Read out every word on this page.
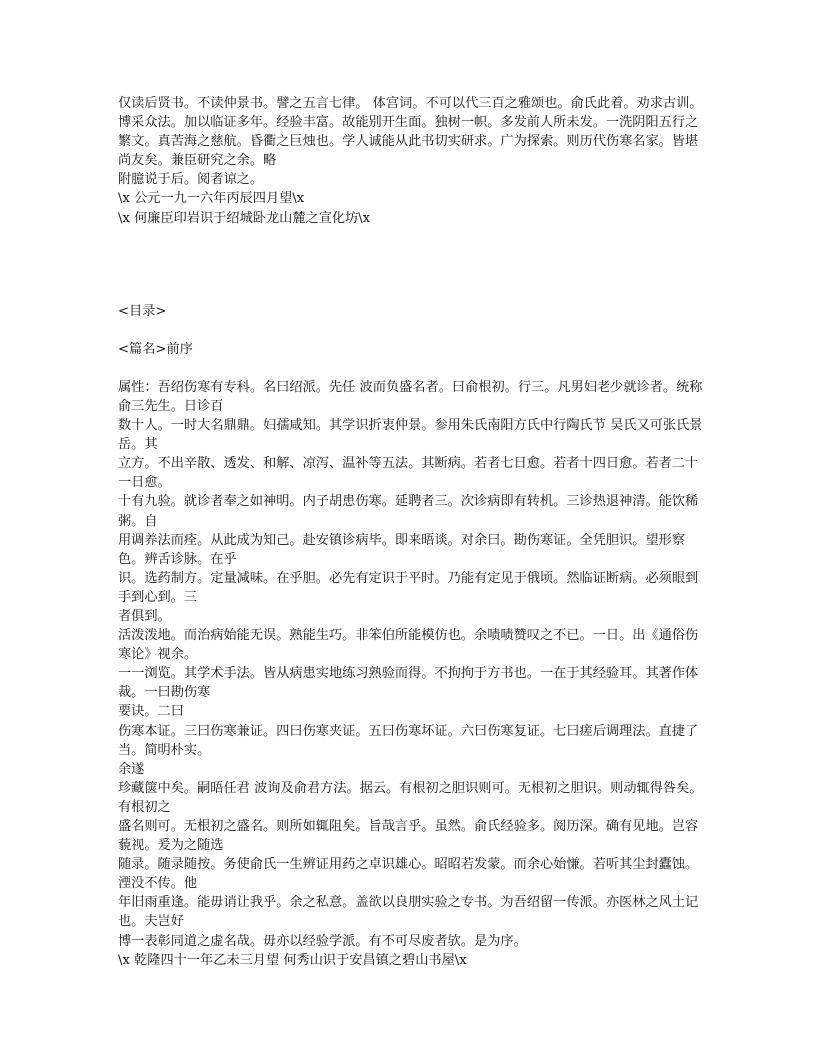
仅读后贤书。不读仲景书。譬之五言七律。 体宫词。不可以代三百之雅颂也。俞氏此着。劝求古训。博采众法。加以临证多年。经验丰富。故能别开生面。独树一帜。多发前人所未发。一洗阴阳五行之繁文。真苦海之慈航。昏衢之巨烛也。学人诚能从此书切实研求。广为探索。则历代伤寒名家。皆堪尚友矣。兼臣研究之余。略

附臆说于后。阅者谅之。

\x 公元一九一六年丙辰四月望\x

\x 何廉臣印岩识于绍城卧龙山麓之宣化坊\x

<目录>

<篇名>前序

属性：吾绍伤寒有专科。名曰绍派。先任 波而负盛名者。曰俞根初。行三。凡男妇老少就诊者。统称俞三先生。日诊百

数十人。一时大名鼎鼎。妇孺咸知。其学识折衷仲景。参用朱氏南阳方氏中行陶氏节 吴氏又可张氏景岳。其

立方。不出辛散、透发、和解、凉泻、温补等五法。其断病。若者七日愈。若者十四日愈。若者二十一日愈。

十有九验。就诊者奉之如神明。内子胡患伤寒。延聘者三。次诊病即有转机。三诊热退神清。能饮稀粥。自

用调养法而痊。从此成为知己。赴安镇诊病毕。即来晤谈。对余曰。勘伤寒证。全凭胆识。望形察色。辨舌诊脉。在乎

识。选药制方。定量减味。在乎胆。必先有定识于平时。乃能有定见于俄顷。然临证断病。必须眼到手到心到。三

者俱到。

活泼泼地。而治病始能无误。熟能生巧。非笨伯所能模仿也。余啧啧赞叹之不已。一日。出《通俗伤寒论》视余。

一一浏览。其学术手法。皆从病患实地练习熟验而得。不拘拘于方书也。一在于其经验耳。其著作体裁。一曰勘伤寒

要诀。二曰

伤寒本证。三曰伤寒兼证。四曰伤寒夹证。五曰伤寒坏证。六曰伤寒复证。七曰瘥后调理法。直捷了当。简明朴实。

余遂

珍藏箧中矣。嗣晤任君 波询及俞君方法。据云。有根初之胆识则可。无根初之胆识。则动辄得咎矣。有根初之

盛名则可。无根初之盛名。则所如辄阻矣。旨哉言乎。虽然。俞氏经验多。阅历深。确有见地。岂容藐视。爰为之随选

随录。随录随按。务使俞氏一生辨证用药之卓识雄心。昭昭若发蒙。而余心始慊。若听其尘封蠹蚀。湮没不传。他

年旧雨重逢。能毋诮让我乎。余之私意。盖欲以良朋实验之专书。为吾绍留一传派。亦医林之风土记也。夫岂好

博一表彰同道之虚名哉。毋亦以经验学派。有不可尽废者欤。是为序。

\x 乾隆四十一年乙未三月望 何秀山识于安昌镇之碧山书屋\x
